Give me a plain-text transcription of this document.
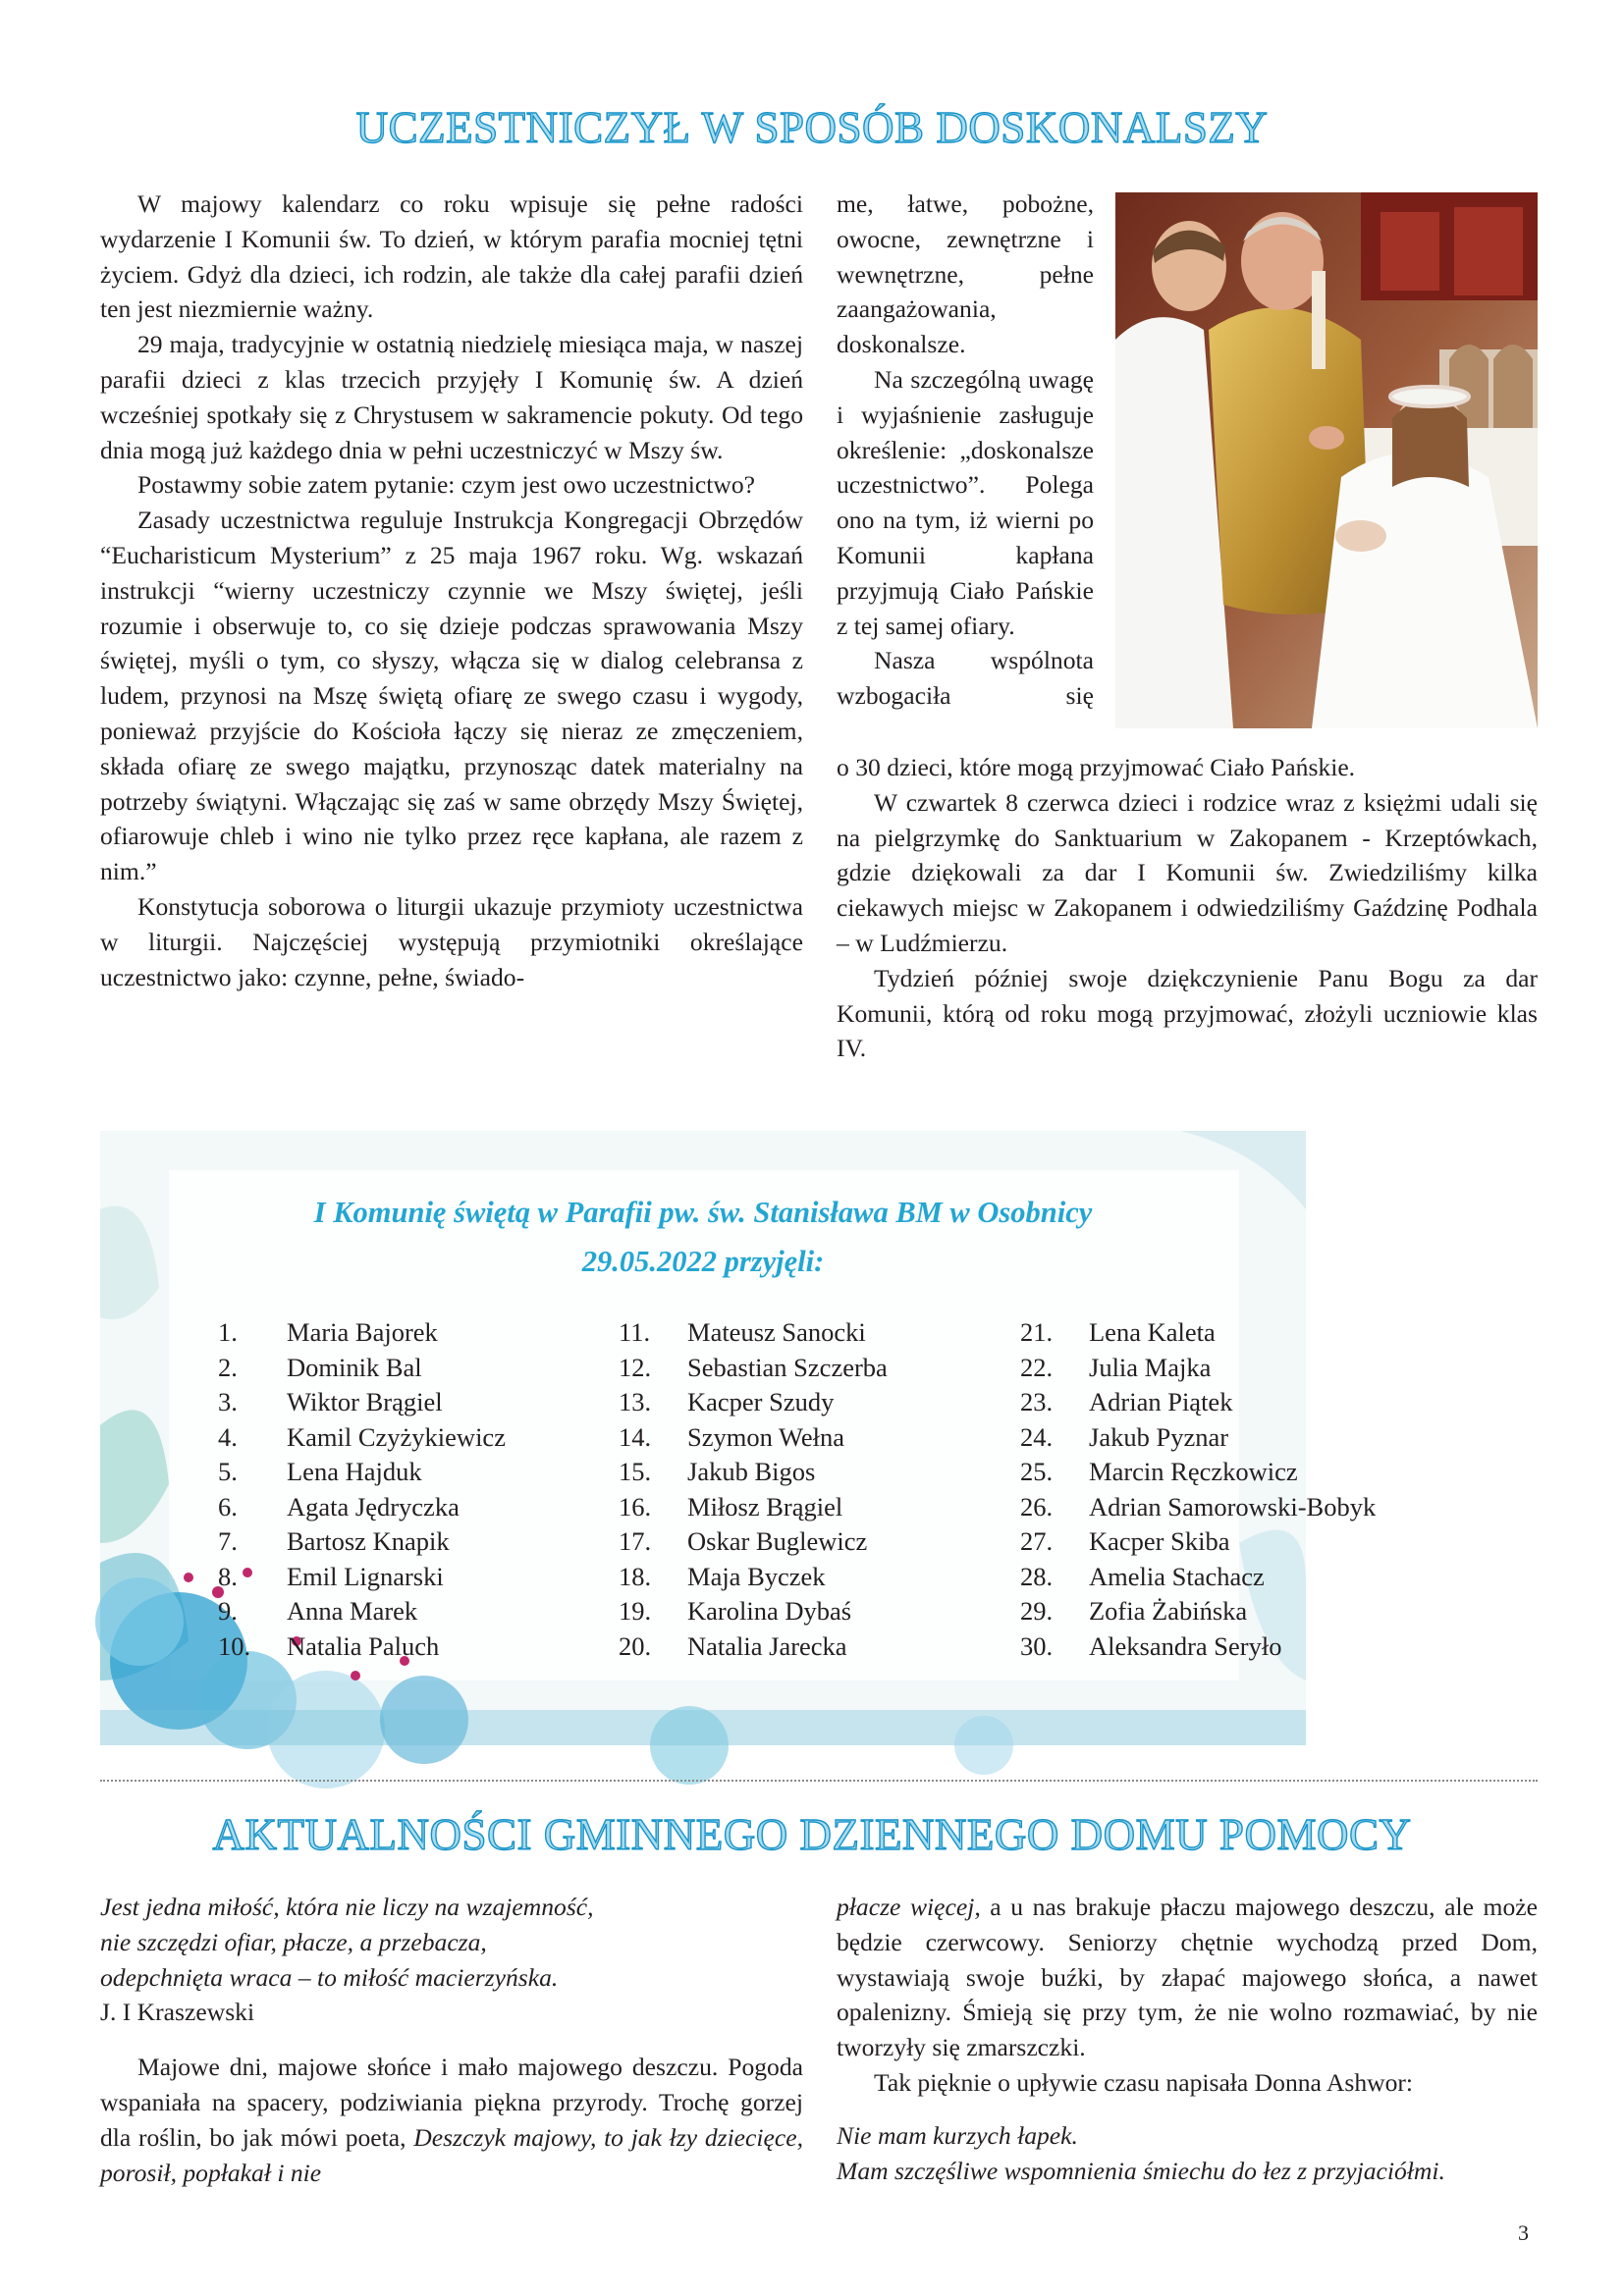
UCZESTNICZYŁ W SPOSÓB DOSKONALSZY

W majowy kalendarz co roku wpisuje się pełne radości wydarzenie I Komunii św. To dzień, w którym parafia mocniej tętni życiem. Gdyż dla dzieci, ich rodzin, ale także dla całej parafii dzień ten jest niezmiernie ważny.

29 maja, tradycyjnie w ostatnią niedzielę miesiąca maja, w naszej parafii dzieci z klas trzecich przyjęły I Komunię św. A dzień wcześniej spotkały się z Chrystusem w sakramencie pokuty. Od tego dnia mogą już każdego dnia w pełni uczestniczyć w Mszy św.

Postawmy sobie zatem pytanie: czym jest owo uczestnictwo?

Zasady uczestnictwa reguluje Instrukcja Kongregacji Obrzędów “Eucharisticum Mysterium” z 25 maja 1967 roku. Wg. wskazań instrukcji “wierny uczestniczy czynnie we Mszy świętej, jeśli rozumie i obserwuje to, co się dzieje podczas sprawowania Mszy świętej, myśli o tym, co słyszy, włącza się w dialog celebransa z ludem, przynosi na Mszę świętą ofiarę ze swego czasu i wygody, ponieważ przyjście do Kościoła łączy się nieraz ze zmęczeniem, składa ofiarę ze swego majątku, przynosząc datek materialny na potrzeby świątyni. Włączając się zaś w same obrzędy Mszy Świętej, ofiarowuje chleb i wino nie tylko przez ręce kapłana, ale razem z nim.”

Konstytucja soborowa o liturgii ukazuje przymioty uczestnictwa w liturgii. Najczęściej występują przymiotniki określające uczestnictwo jako: czynne, pełne, świado-

me, łatwe, pobożne, owocne, zewnętrzne i wewnętrzne, pełne zaangażowania, doskonalsze.

Na szczególną uwagę i wyjaśnienie zasługuje określenie: „doskonalsze uczestnictwo”. Polega ono na tym, iż wierni po Komunii kapłana przyjmują Ciało Pańskie z tej samej ofiary.

Nasza wspólnota wzbogaciła się

o 30 dzieci, które mogą przyjmować Ciało Pańskie.

W czwartek 8 czerwca dzieci i rodzice wraz z księżmi udali się na pielgrzymkę do Sanktuarium w Zakopanem - Krzeptówkach, gdzie dziękowali za dar I Komunii św. Zwiedziliśmy kilka ciekawych miejsc w Zakopanem i odwiedziliśmy Gaździnę Podhala – w Ludźmierzu.

Tydzień później swoje dziękczynienie Panu Bogu za dar Komunii, którą od roku mogą przyjmować, złożyli uczniowie klas IV.

I Komunię świętą w Parafii pw. św. Stanisława BM w Osobnicy
29.05.2022 przyjęli:
1.	Maria Bajorek
2.	Dominik Bal
3.	Wiktor Brągiel
4.	Kamil Czyżykiewicz
5.	Lena Hajduk
6.	Agata Jędryczka
7.	Bartosz Knapik
8.	Emil Lignarski
9.	Anna Marek
10.	Natalia Paluch
11.	Mateusz Sanocki
12.	Sebastian Szczerba
13.	Kacper Szudy
14.	Szymon Wełna
15.	Jakub Bigos
16.	Miłosz Brągiel
17.	Oskar Buglewicz
18.	Maja Byczek
19.	Karolina Dybaś
20.	Natalia Jarecka
21.	Lena Kaleta
22.	Julia Majka
23.	Adrian Piątek
24.	Jakub Pyznar
25.	Marcin Ręczkowicz
26.	Adrian Samorowski-Bobyk
27.	Kacper Skiba
28.	Amelia Stachacz
29.	Zofia Żabińska
30.	Aleksandra Seryło
AKTUALNOŚCI GMINNEGO DZIENNEGO DOMU POMOCY
Jest jedna miłość, która nie liczy na wzajemność,
nie szczędzi ofiar, płacze, a przebacza,
odepchnięta wraca – to miłość macierzyńska.
J. I Kraszewski

Majowe dni, majowe słońce i mało majowego deszczu. Pogoda wspaniała na spacery, podziwiania piękna przyrody. Trochę gorzej dla roślin, bo jak mówi poeta, Deszczyk majowy, to jak łzy dziecięce, porosił, popłakał i nie

płacze więcej, a u nas brakuje płaczu majowego deszczu, ale może będzie czerwcowy. Seniorzy chętnie wychodzą przed Dom, wystawiają swoje buźki, by złapać majowego słońca, a nawet opalenizny. Śmieją się przy tym, że nie wolno rozmawiać, by nie tworzyły się zmarszczki.

Tak pięknie o upływie czasu napisała Donna Ashwor:

Nie mam kurzych łapek.
Mam szczęśliwe wspomnienia śmiechu do łez z przyjaciółmi.
3
